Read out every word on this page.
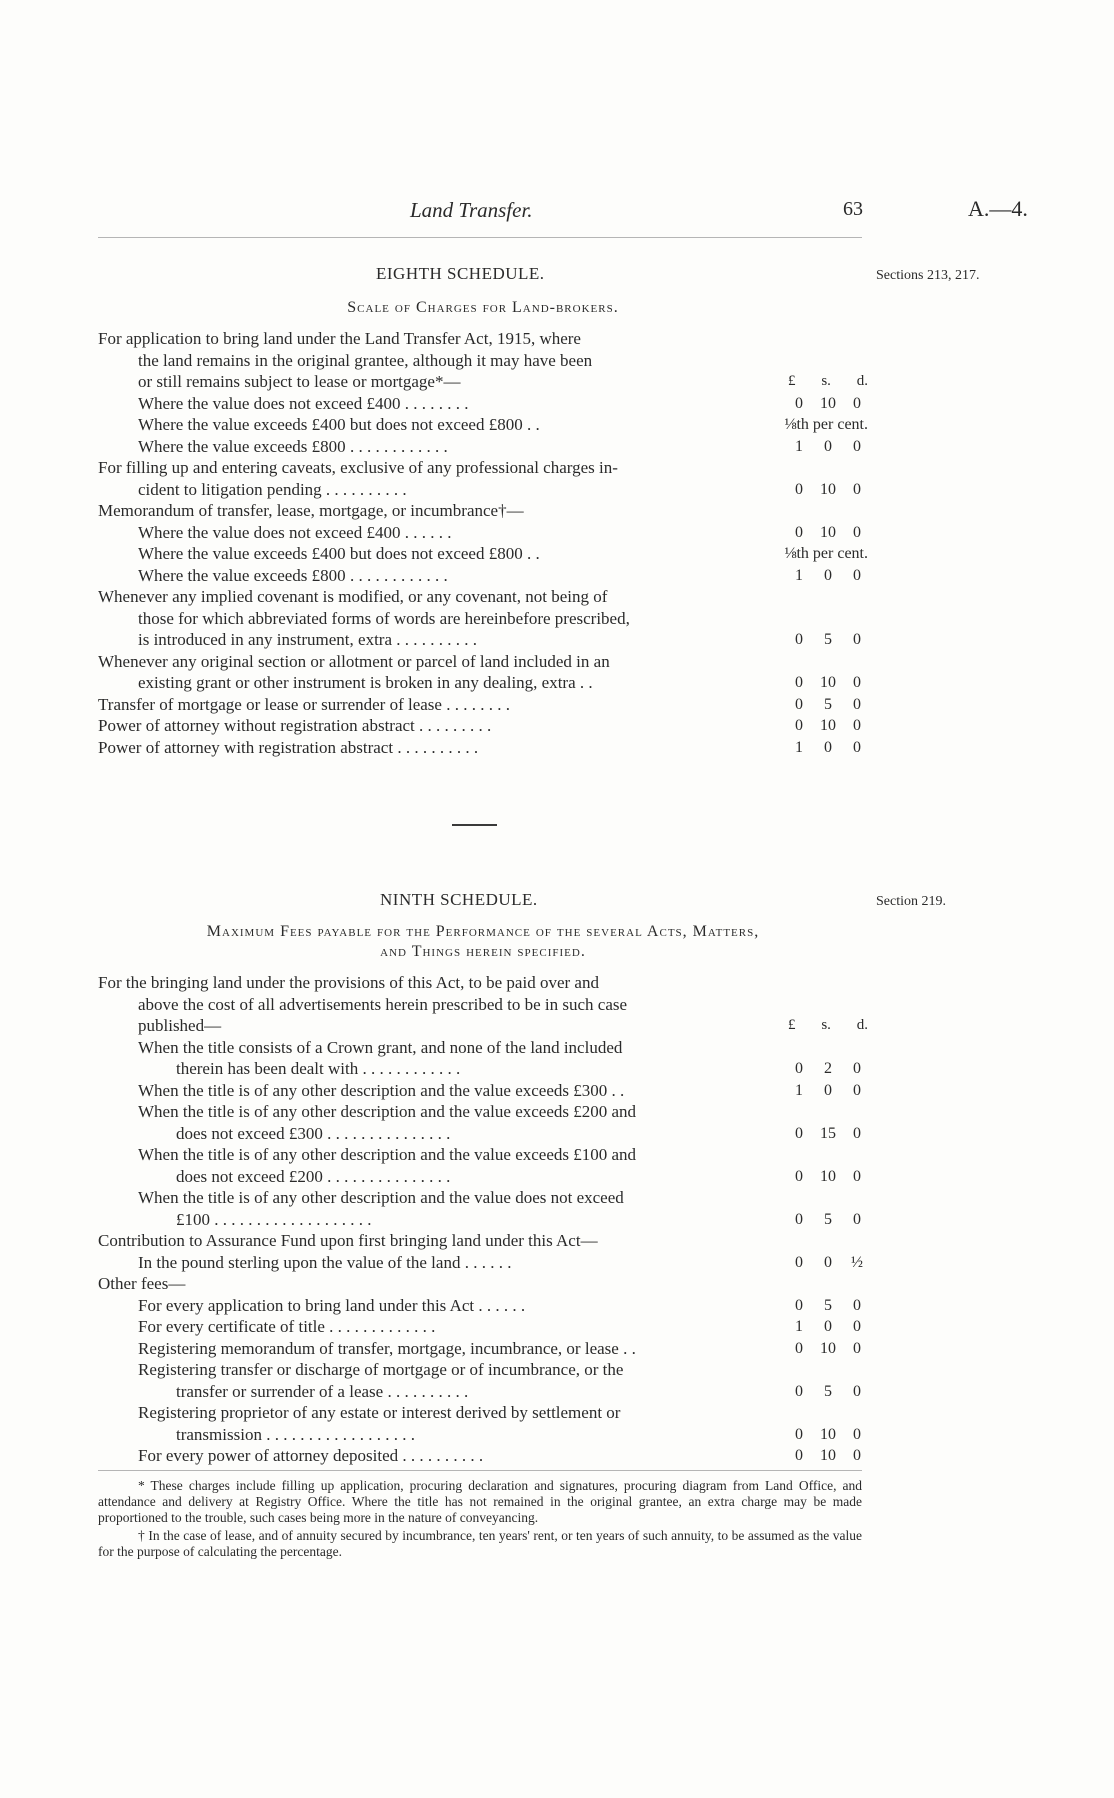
Land Transfer.	63	A.—4.
EIGHTH SCHEDULE.	Sections 213, 217.
Scale of Charges for Land-brokers.
For application to bring land under the Land Transfer Act, 1915, where
the land remains in the original grantee, although it may have been
or still remains subject to lease or mortgage*—	£ s. d.
Where the value does not exceed £400 . . . . . . . .	0	10	0
Where the value exceeds £400 but does not exceed £800 . .	⅛th per cent.
Where the value exceeds £800 . . . . . . . . . . . .	1	0	0
For filling up and entering caveats, exclusive of any professional charges in-
cident to litigation pending . . . . . . . . . .	0	10	0
Memorandum of transfer, lease, mortgage, or incumbrance†—
Where the value does not exceed £400 . . . . . .	0	10	0
Where the value exceeds £400 but does not exceed £800 . .	⅛th per cent.
Where the value exceeds £800 . . . . . . . . . . . .	1	0	0
Whenever any implied covenant is modified, or any covenant, not being of
those for which abbreviated forms of words are hereinbefore prescribed,
is introduced in any instrument, extra . . . . . . . . . .	0	5	0
Whenever any original section or allotment or parcel of land included in an
existing grant or other instrument is broken in any dealing, extra . .	0	10	0
Transfer of mortgage or lease or surrender of lease . . . . . . . .	0	5	0
Power of attorney without registration abstract . . . . . . . . .	0	10	0
Power of attorney with registration abstract . . . . . . . . . .	1	0	0
NINTH SCHEDULE.	Section 219.
Maximum Fees payable for the Performance of the several Acts, Matters,
and Things herein specified.
For the bringing land under the provisions of this Act, to be paid over and
above the cost of all advertisements herein prescribed to be in such case
published—	£ s. d.
When the title consists of a Crown grant, and none of the land included
therein has been dealt with . . . . . . . . . . . .	0	2	0
When the title is of any other description and the value exceeds £300 . .	1	0	0
When the title is of any other description and the value exceeds £200 and
does not exceed £300 . . . . . . . . . . . . . . .	0	15	0
When the title is of any other description and the value exceeds £100 and
does not exceed £200 . . . . . . . . . . . . . . .	0	10	0
When the title is of any other description and the value does not exceed
£100 . . . . . . . . . . . . . . . . . . .	0	5	0
Contribution to Assurance Fund upon first bringing land under this Act—
In the pound sterling upon the value of the land . . . . . .	0	0	½
Other fees—
For every application to bring land under this Act . . . . . .	0	5	0
For every certificate of title . . . . . . . . . . . . .	1	0	0
Registering memorandum of transfer, mortgage, incumbrance, or lease . .	0	10	0
Registering transfer or discharge of mortgage or of incumbrance, or the
transfer or surrender of a lease . . . . . . . . . .	0	5	0
Registering proprietor of any estate or interest derived by settlement or
transmission . . . . . . . . . . . . . . . . . .	0	10	0
For every power of attorney deposited . . . . . . . . . .	0	10	0

* These charges include filling up application, procuring declaration and signatures, procuring diagram from Land Office, and attendance and delivery at Registry Office. Where the title has not remained in the original grantee, an extra charge may be made proportioned to the trouble, such cases being more in the nature of conveyancing.

† In the case of lease, and of annuity secured by incumbrance, ten years' rent, or ten years of such annuity, to be assumed as the value for the purpose of calculating the percentage.
